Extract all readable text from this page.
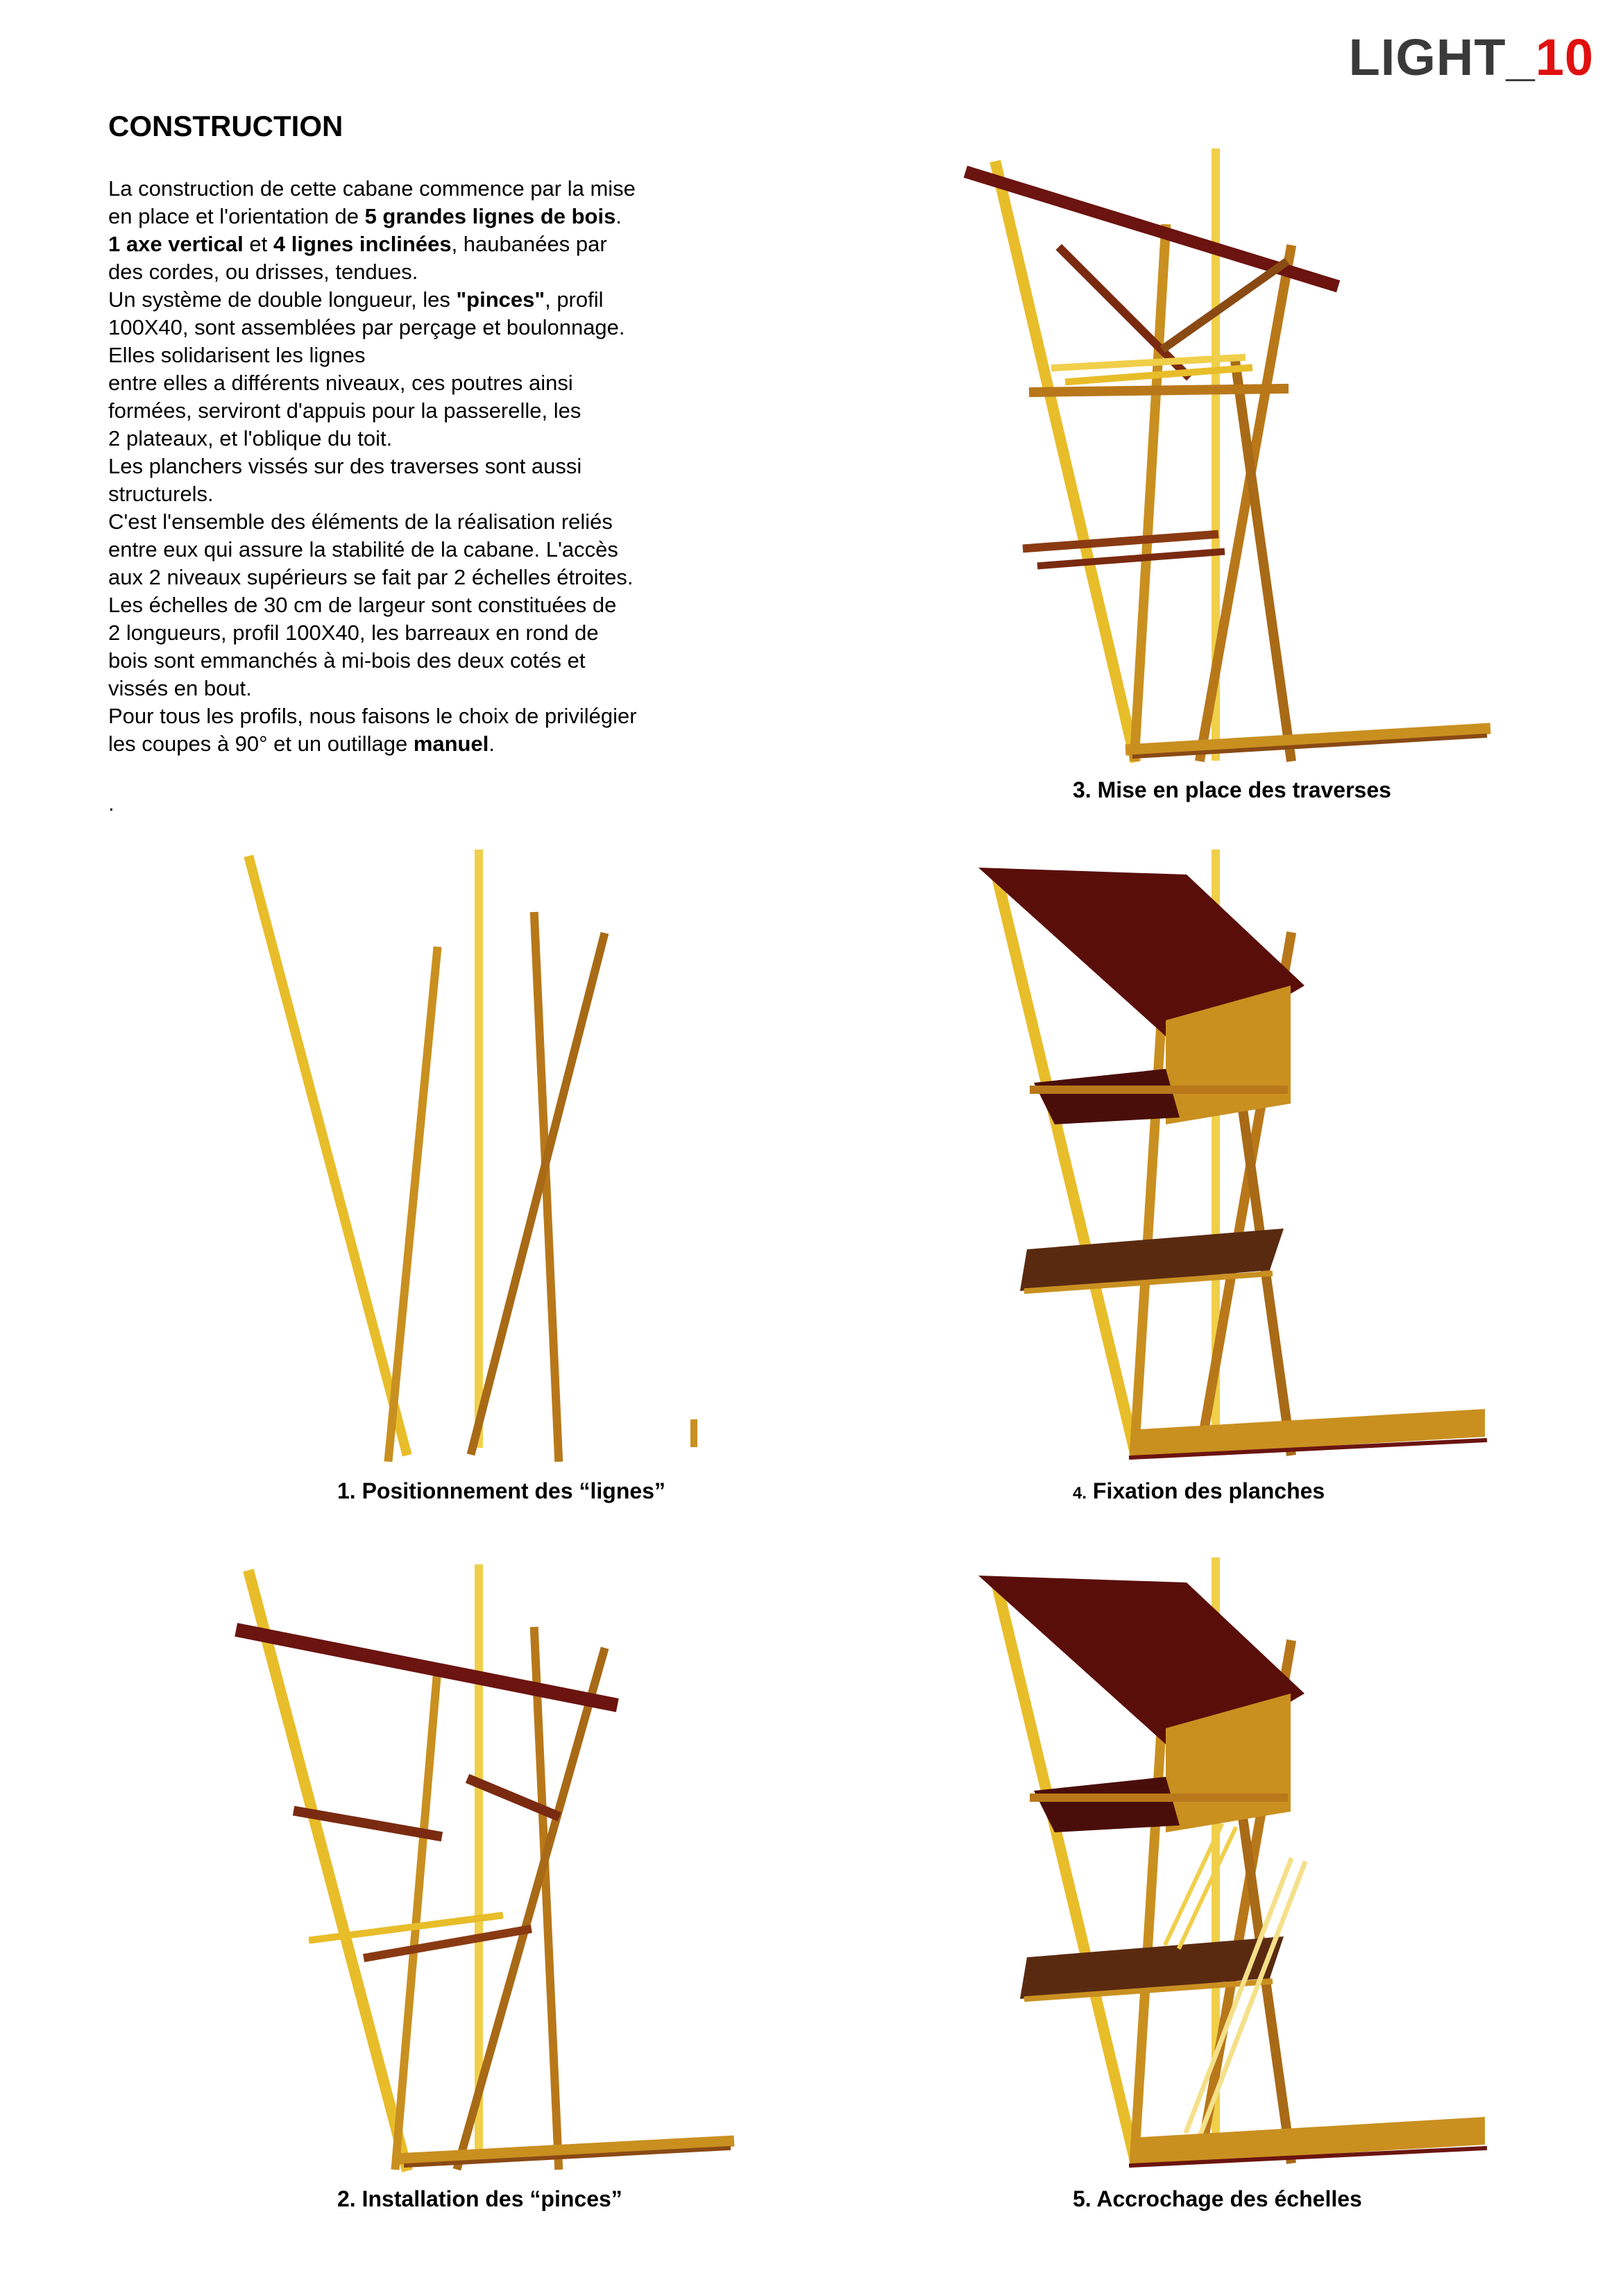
LIGHT_10
CONSTRUCTION
La construction de cette cabane commence par la mise
en place et l'orientation de 5 grandes lignes de bois.
1 axe vertical et 4 lignes inclinées, haubanées par
des cordes, ou drisses, tendues.
Un système de double longueur, les "pinces", profil
100X40, sont assemblées par perçage et boulonnage.
Elles solidarisent les lignes
entre elles a différents niveaux, ces poutres ainsi
formées, serviront d'appuis pour la passerelle, les
2 plateaux, et l'oblique du toit.
Les planchers vissés sur des traverses sont aussi
structurels.
C'est l'ensemble des éléments de la réalisation reliés
entre eux qui assure la stabilité de la cabane. L'accès
aux 2 niveaux supérieurs se fait par 2 échelles étroites.
Les échelles de 30 cm de largeur sont constituées de
2 longueurs, profil 100X40, les barreaux en rond de
bois sont emmanchés à mi-bois des deux cotés et
vissés en bout.
Pour tous les profils, nous faisons le choix de privilégier
les coupes à 90° et un outillage manuel.
.
3. Mise en place des traverses
1. Positionnement des “lignes”	4. Fixation des planches
2. Installation des “pinces”	5. Accrochage des échelles
